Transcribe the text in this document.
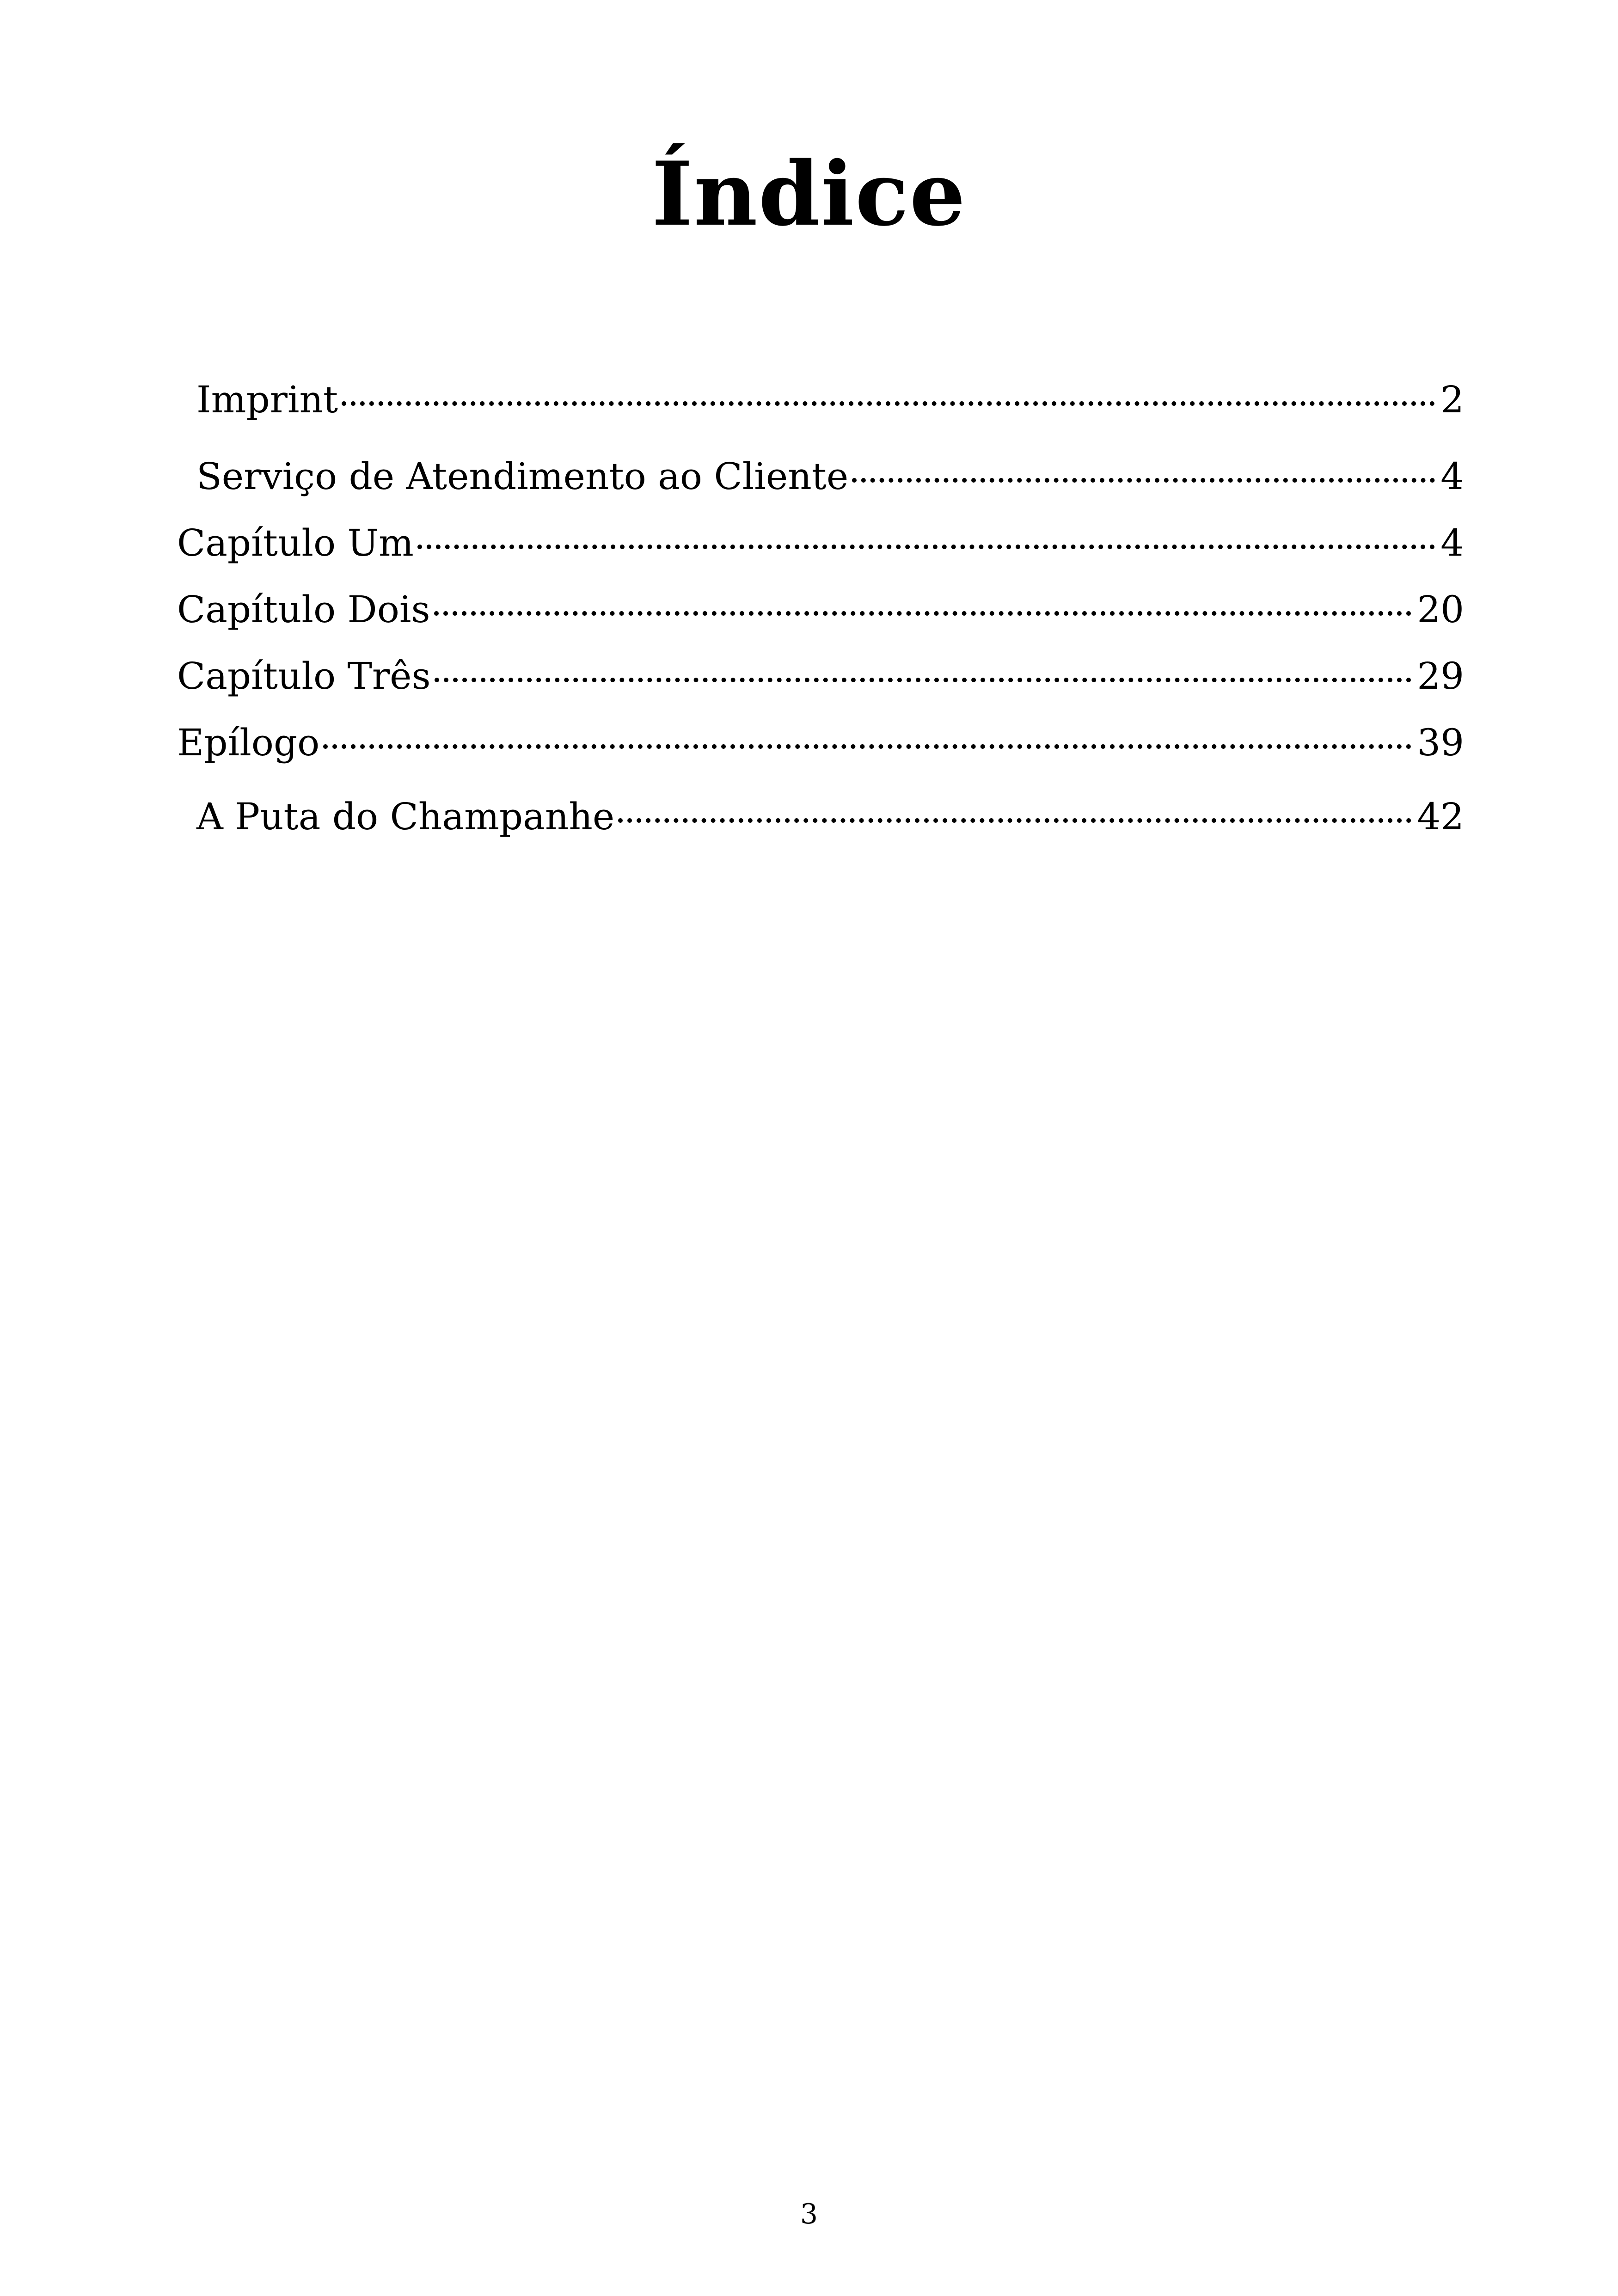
Índice
Imprint	2
Serviço de Atendimento ao Cliente	4
Capítulo Um	4
Capítulo Dois	20
Capítulo Três	29
Epílogo	39
A Puta do Champanhe	42
3
